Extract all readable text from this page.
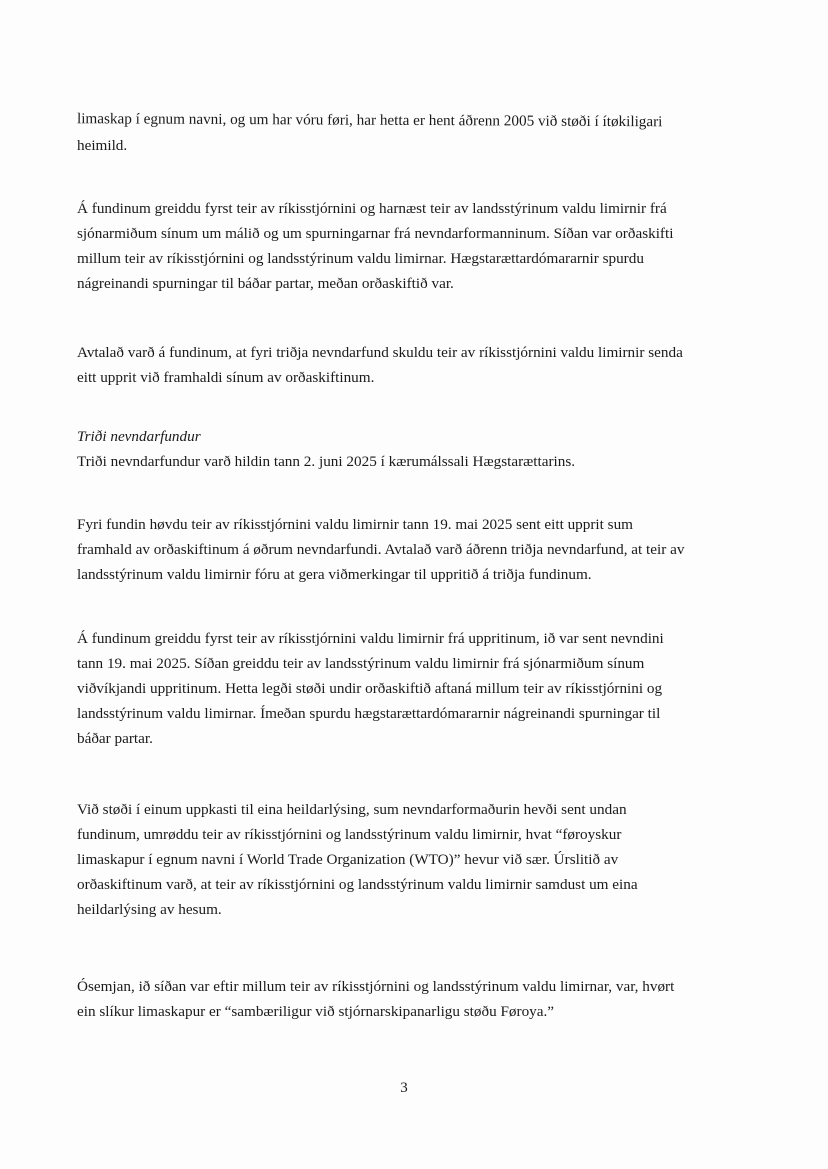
limaskap í egnum navni, og um har vóru føri, har hetta er hent áðrenn 2005 við støði í ítøkiligari
heimild.
Á fundinum greiddu fyrst teir av ríkisstjórnini og harnæst teir av landsstýrinum valdu limirnir frá
sjónarmiðum sínum um málið og um spurningarnar frá nevndarformanninum. Síðan var orðaskifti
millum teir av ríkisstjórnini og landsstýrinum valdu limirnar. Hægstarættardómararnir spurdu
nágreinandi spurningar til báðar partar, meðan orðaskiftið var.
Avtalað varð á fundinum, at fyri triðja nevndarfund skuldu teir av ríkisstjórnini valdu limirnir senda
eitt upprit við framhaldi sínum av orðaskiftinum.
Triði nevndarfundur
Triði nevndarfundur varð hildin tann 2. juni 2025 í kærumálssali Hægstarættarins.
Fyri fundin høvdu teir av ríkisstjórnini valdu limirnir tann 19. mai 2025 sent eitt upprit sum
framhald av orðaskiftinum á øðrum nevndarfundi. Avtalað varð áðrenn triðja nevndarfund, at teir av
landsstýrinum valdu limirnir fóru at gera viðmerkingar til uppritið á triðja fundinum.
Á fundinum greiddu fyrst teir av ríkisstjórnini valdu limirnir frá uppritinum, ið var sent nevndini
tann 19. mai 2025. Síðan greiddu teir av landsstýrinum valdu limirnir frá sjónarmiðum sínum
viðvíkjandi uppritinum. Hetta legði støði undir orðaskiftið aftaná millum teir av ríkisstjórnini og
landsstýrinum valdu limirnar. Ímeðan spurdu hægstarættardómararnir nágreinandi spurningar til
báðar partar.
Við støði í einum uppkasti til eina heildarlýsing, sum nevndarformaðurin hevði sent undan
fundinum, umrøddu teir av ríkisstjórnini og landsstýrinum valdu limirnir, hvat “føroyskur
limaskapur í egnum navni í World Trade Organization (WTO)” hevur við sær. Úrslitið av
orðaskiftinum varð, at teir av ríkisstjórnini og landsstýrinum valdu limirnir samdust um eina
heildarlýsing av hesum.
Ósemjan, ið síðan var eftir millum teir av ríkisstjórnini og landsstýrinum valdu limirnar, var, hvørt
ein slíkur limaskapur er “sambæriligur við stjórnarskipanarligu støðu Føroya.”
3
